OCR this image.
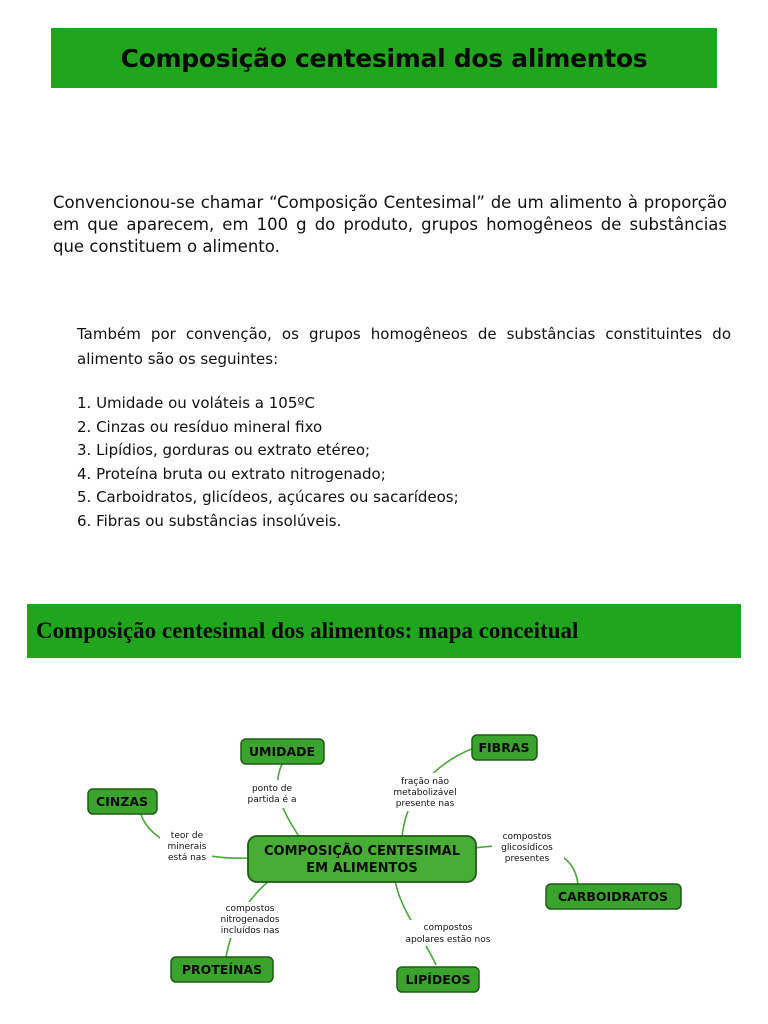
Composição centesimal dos alimentos

Convencionou-se chamar “Composição Centesimal” de um alimento à proporção em que aparecem, em 100 g do produto, grupos homogêneos de substâncias que constituem o alimento.

Também por convenção, os grupos homogêneos de substâncias constituintes do alimento são os seguintes:

1. Umidade ou voláteis a 105ºC
2. Cinzas ou resíduo mineral fixo
3. Lipídios, gorduras ou extrato etéreo;
4. Proteína bruta ou extrato nitrogenado;
5. Carboidratos, glicídeos, açúcares ou sacarídeos;
6. Fibras ou substâncias insolúveis.
Composição centesimal dos alimentos: mapa conceitual
ponto de
partida é a
fração não
metabolizável
presente nas
teor de
minerais
está nas
compostos
glicosídicos
presentes
compostos
nitrogenados
incluídos nas	compostos
apolares estão nos
COMPOSIÇÃO CENTESIMAL
EM ALIMENTOS
UMIDADE	FIBRAS
CINZAS
CARBOIDRATOS
PROTEÍNAS
LIPÍDEOS
